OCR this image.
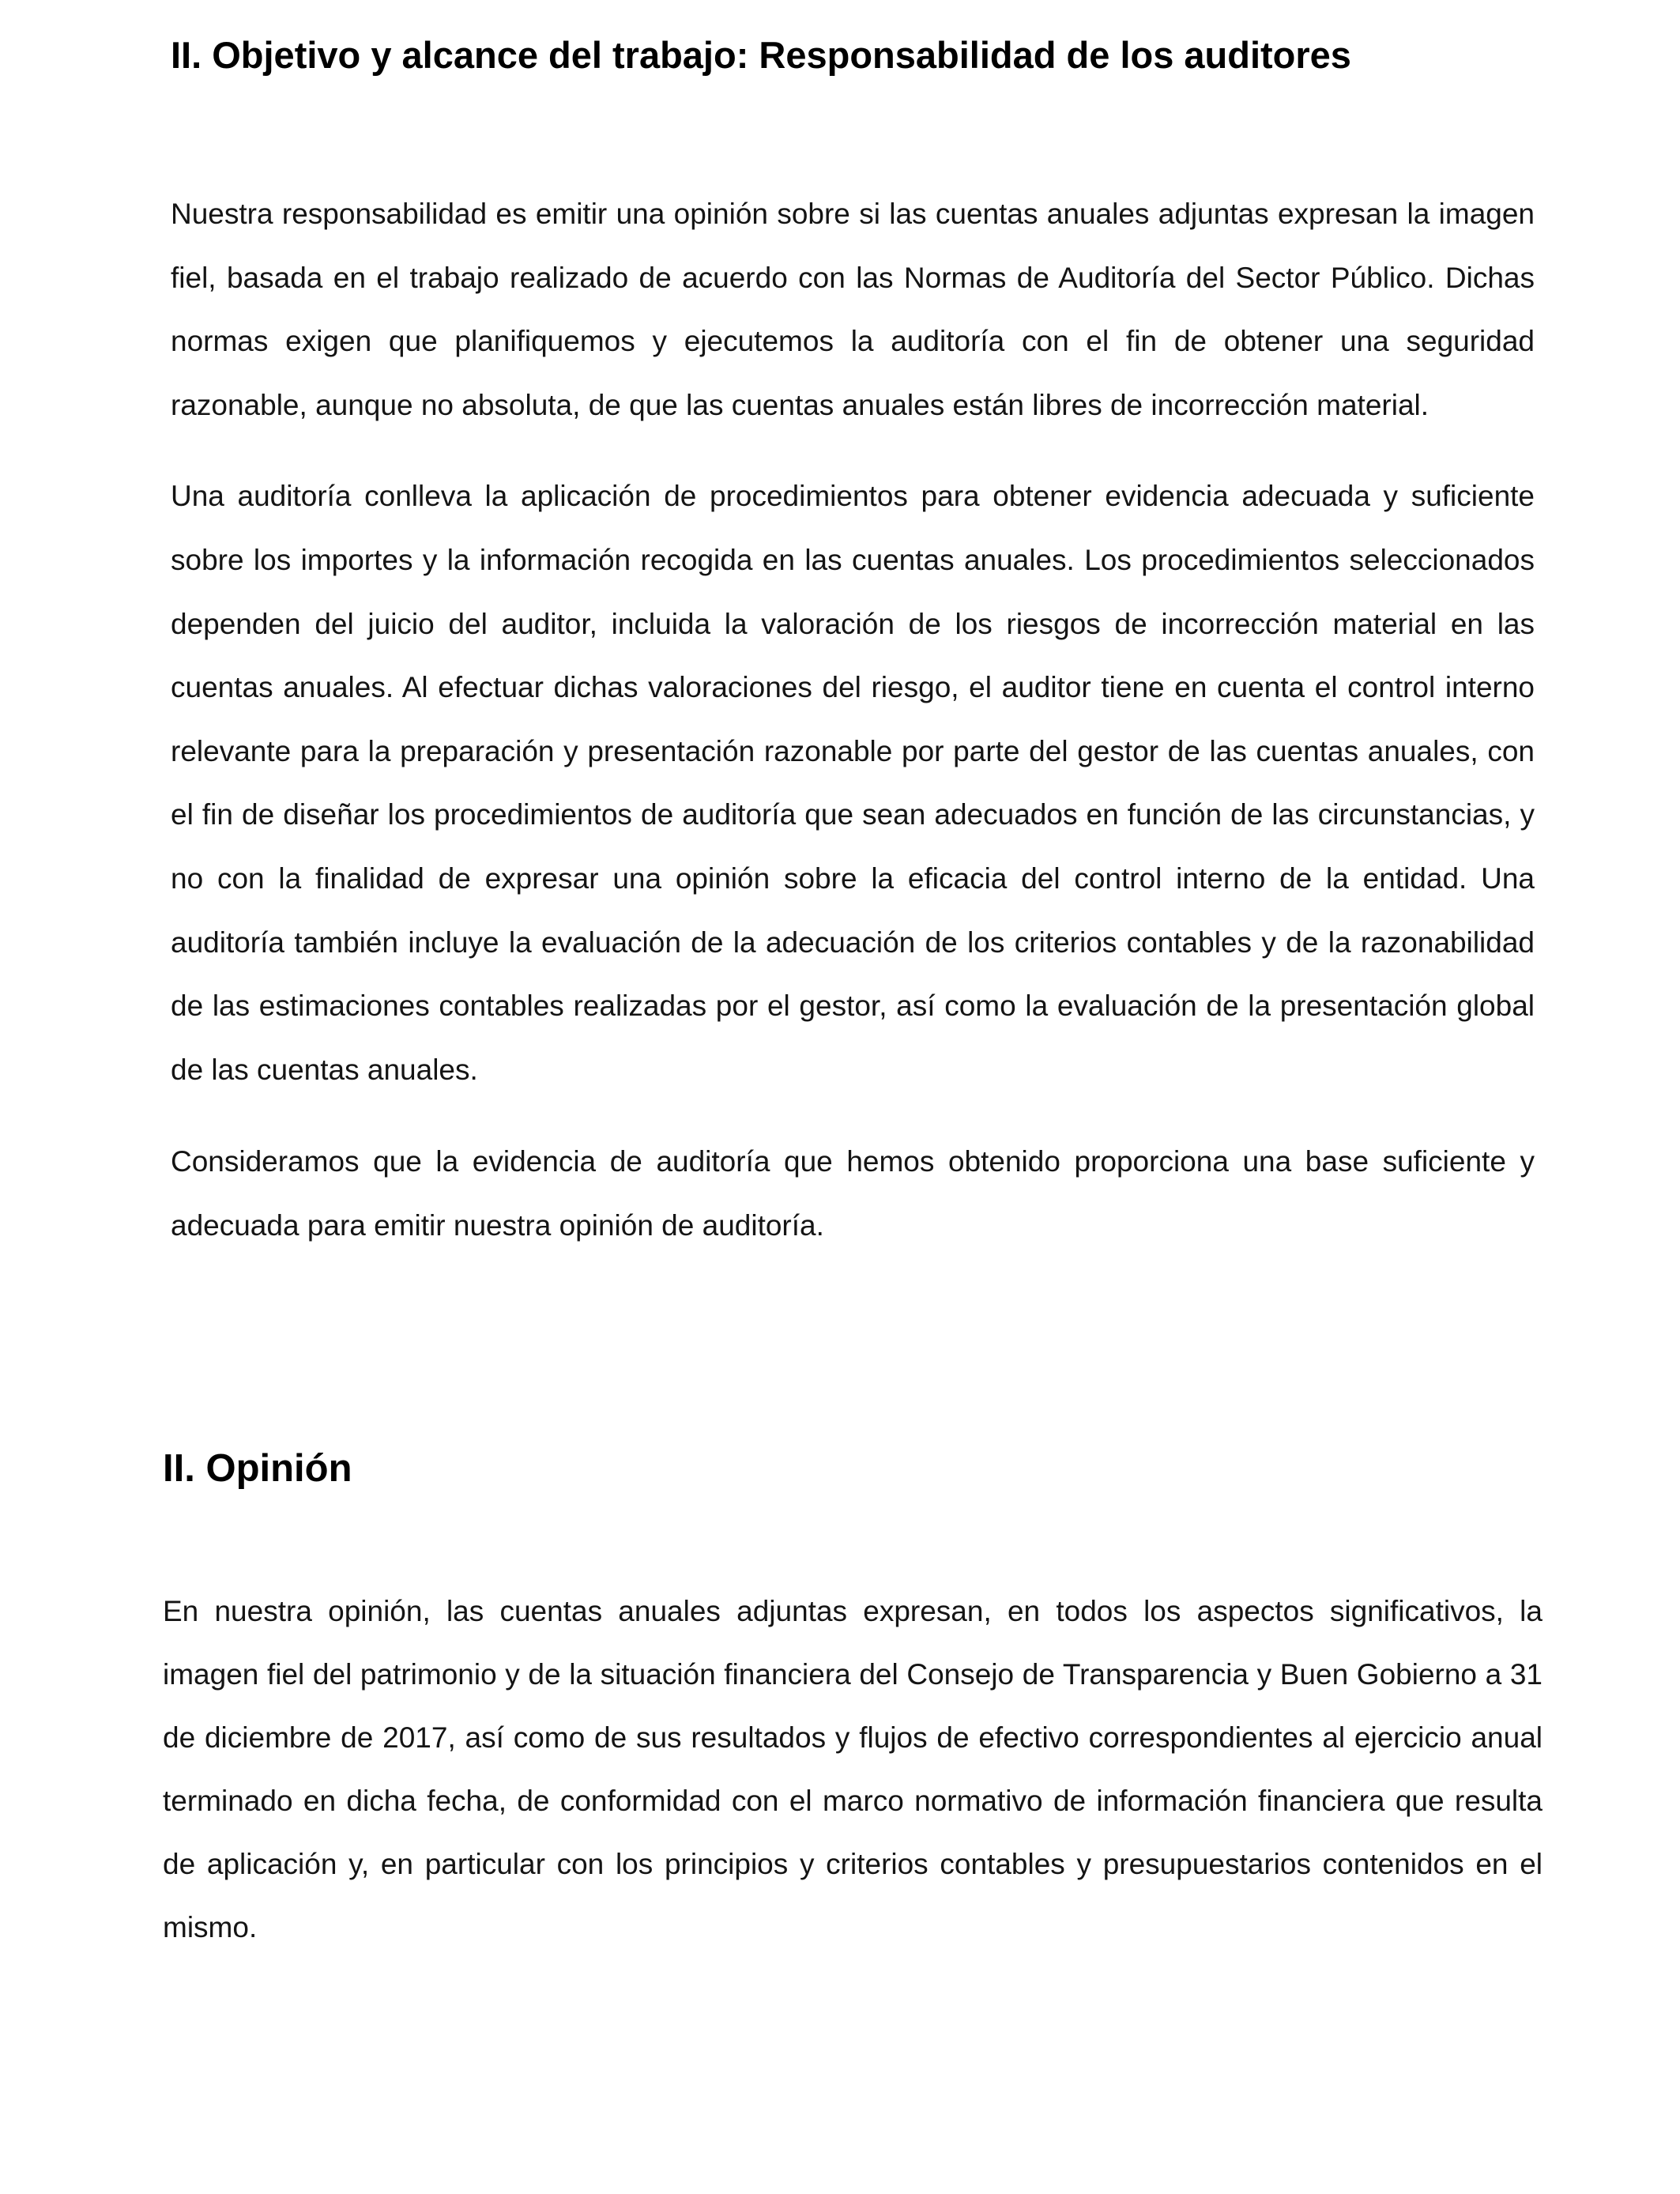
II. Objetivo y alcance del trabajo: Responsabilidad de los auditores

Nuestra responsabilidad es emitir una opinión sobre si las cuentas anuales adjuntas expresan la imagen fiel, basada en el trabajo realizado de acuerdo con las Normas de Auditoría del Sector Público. Dichas normas exigen que planifiquemos y ejecutemos la auditoría con el fin de obtener una seguridad razonable, aunque no absoluta, de que las cuentas anuales están libres de incorrección material.

Una auditoría conlleva la aplicación de procedimientos para obtener evidencia adecuada y suficiente sobre los importes y la información recogida en las cuentas anuales. Los procedimientos seleccionados dependen del juicio del auditor, incluida la valoración de los riesgos de incorrección material en las cuentas anuales. Al efectuar dichas valoraciones del riesgo, el auditor tiene en cuenta el control interno relevante para la preparación y presentación razonable por parte del gestor de las cuentas anuales, con el fin de diseñar los procedimientos de auditoría que sean adecuados en función de las circunstancias, y no con la finalidad de expresar una opinión sobre la eficacia del control interno de la entidad. Una auditoría también incluye la evaluación de la adecuación de los criterios contables y de la razonabilidad de las estimaciones contables realizadas por el gestor, así como la evaluación de la presentación global de las cuentas anuales.

Consideramos que la evidencia de auditoría que hemos obtenido proporciona una base suficiente y adecuada para emitir nuestra opinión de auditoría.

II. Opinión

En nuestra opinión, las cuentas anuales adjuntas expresan, en todos los aspectos significativos, la imagen fiel del patrimonio y de la situación financiera del Consejo de Transparencia y Buen Gobierno a 31 de diciembre de 2017, así como de sus resultados y flujos de efectivo correspondientes al ejercicio anual terminado en dicha fecha, de conformidad con el marco normativo de información financiera que resulta de aplicación y, en particular con los principios y criterios contables y presupuestarios contenidos en el mismo.
